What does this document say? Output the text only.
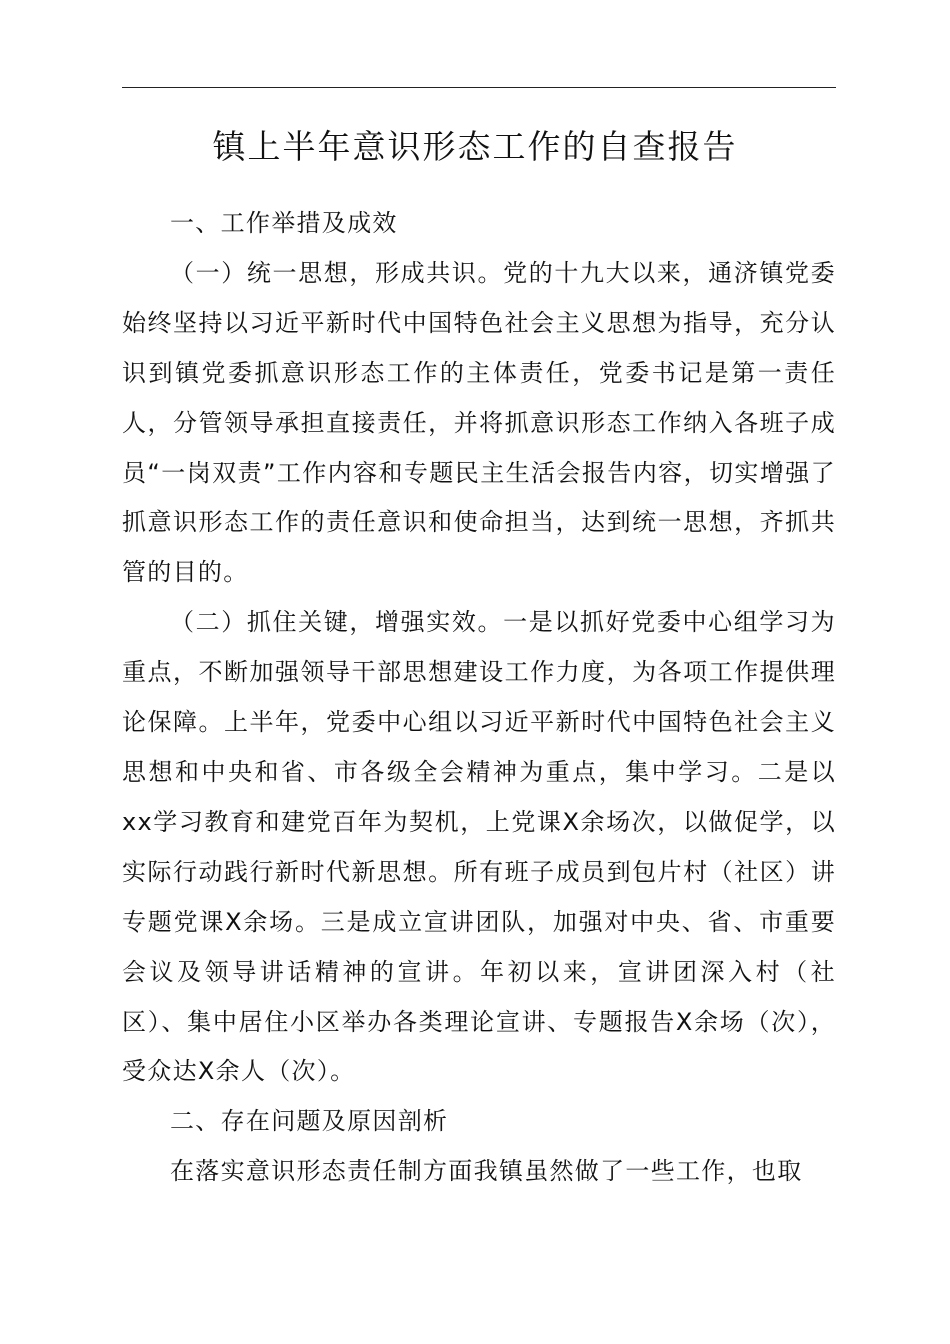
镇上半年意识形态工作的自查报告

一、工作举措及成效

（一）统一思想，形成共识。党的十九大以来，通济镇党委始终坚持以习近平新时代中国特色社会主义思想为指导，充分认识到镇党委抓意识形态工作的主体责任，党委书记是第一责任人，分管领导承担直接责任，并将抓意识形态工作纳入各班子成员“一岗双责”工作内容和专题民主生活会报告内容，切实增强了抓意识形态工作的责任意识和使命担当，达到统一思想，齐抓共管的目的。

（二）抓住关键，增强实效。一是以抓好党委中心组学习为重点，不断加强领导干部思想建设工作力度，为各项工作提供理论保障。上半年，党委中心组以习近平新时代中国特色社会主义思想和中央和省、市各级全会精神为重点，集中学习。二是以xx学习教育和建党百年为契机，上党课X余场次，以做促学，以实际行动践行新时代新思想。所有班子成员到包片村（社区）讲专题党课X余场。三是成立宣讲团队，加强对中央、省、市重要会议及领导讲话精神的宣讲。年初以来，宣讲团深入村（社区）、集中居住小区举办各类理论宣讲、专题报告X余场（次），受众达X余人（次）。

二、存在问题及原因剖析

在落实意识形态责任制方面我镇虽然做了一些工作，也取
